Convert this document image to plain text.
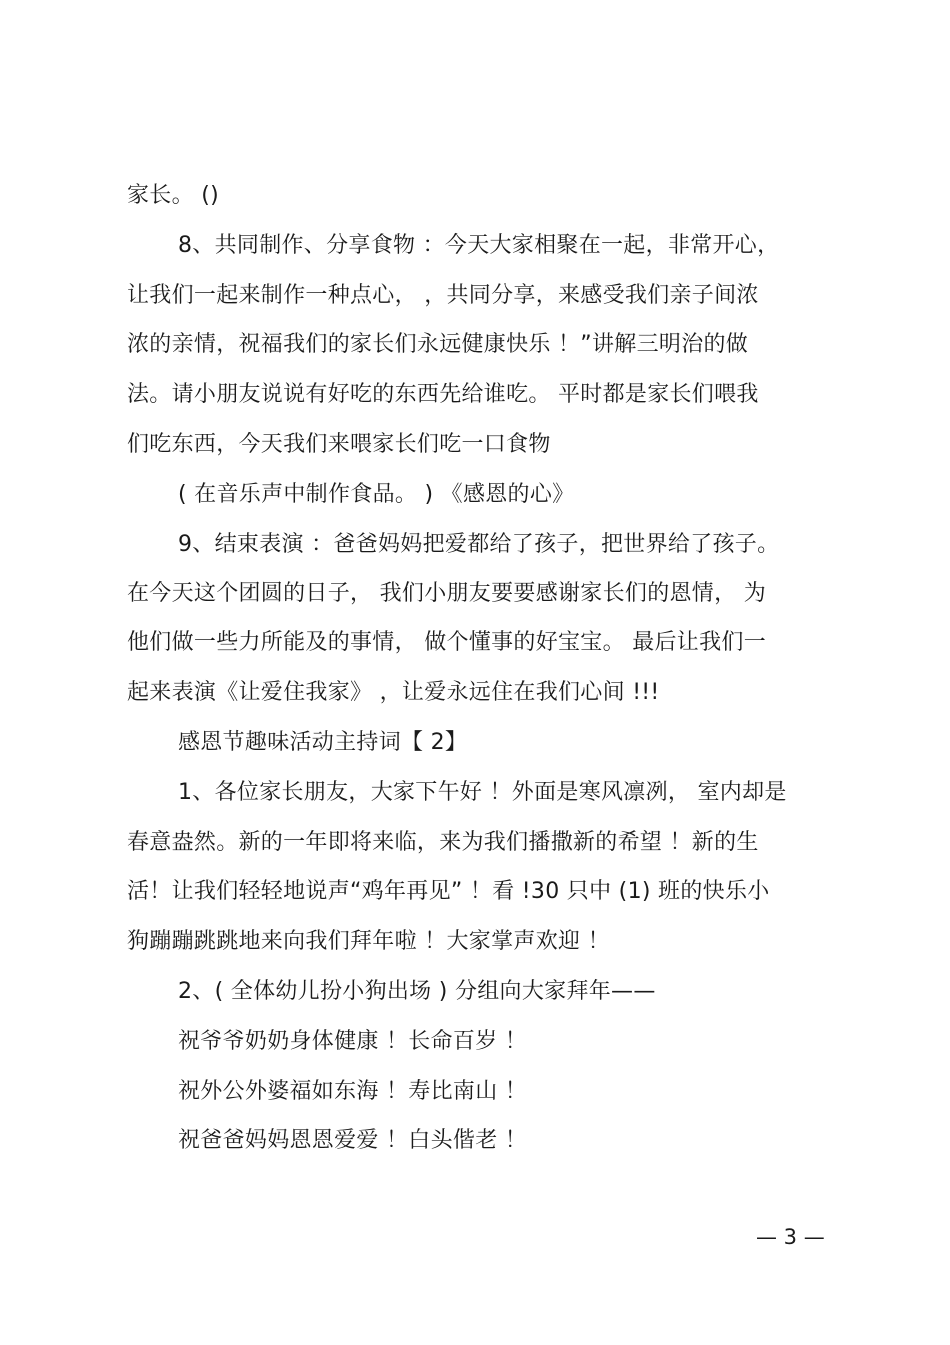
家长。 ()
8、共同制作、分享食物 ：今天大家相聚在一起，非常开心，
让我们一起来制作一种点心， ，共同分享，来感受我们亲子间浓
浓的亲情，祝福我们的家长们永远健康快乐 ！”讲解三明治的做
法。请小朋友说说有好吃的东西先给谁吃。 平时都是家长们喂我
们吃东西，今天我们来喂家长们吃一口食物
( 在音乐声中制作食品。 ) 《感恩的心》
9、结束表演 ：爸爸妈妈把爱都给了孩子，把世界给了孩子。
在今天这个团圆的日子， 我们小朋友要要感谢家长们的恩情， 为
他们做一些力所能及的事情， 做个懂事的好宝宝。 最后让我们一
起来表演《让爱住我家》 ，让爱永远住在我们心间 !!!
感恩节趣味活动主持词【 2】
1、各位家长朋友，大家下午好 ！外面是寒风凛冽， 室内却是
春意盎然。新的一年即将来临，来为我们播撒新的希望 ！新的生
活！让我们轻轻地说声“鸡年再见” ！看 !30 只中 (1) 班的快乐小
狗蹦蹦跳跳地来向我们拜年啦 ！大家掌声欢迎 ！
2、( 全体幼儿扮小狗出场 ) 分组向大家拜年——
祝爷爷奶奶身体健康 ！长命百岁 ！
祝外公外婆福如东海 ！寿比南山 ！
祝爸爸妈妈恩恩爱爱 ！白头偕老 ！
— 3 —
